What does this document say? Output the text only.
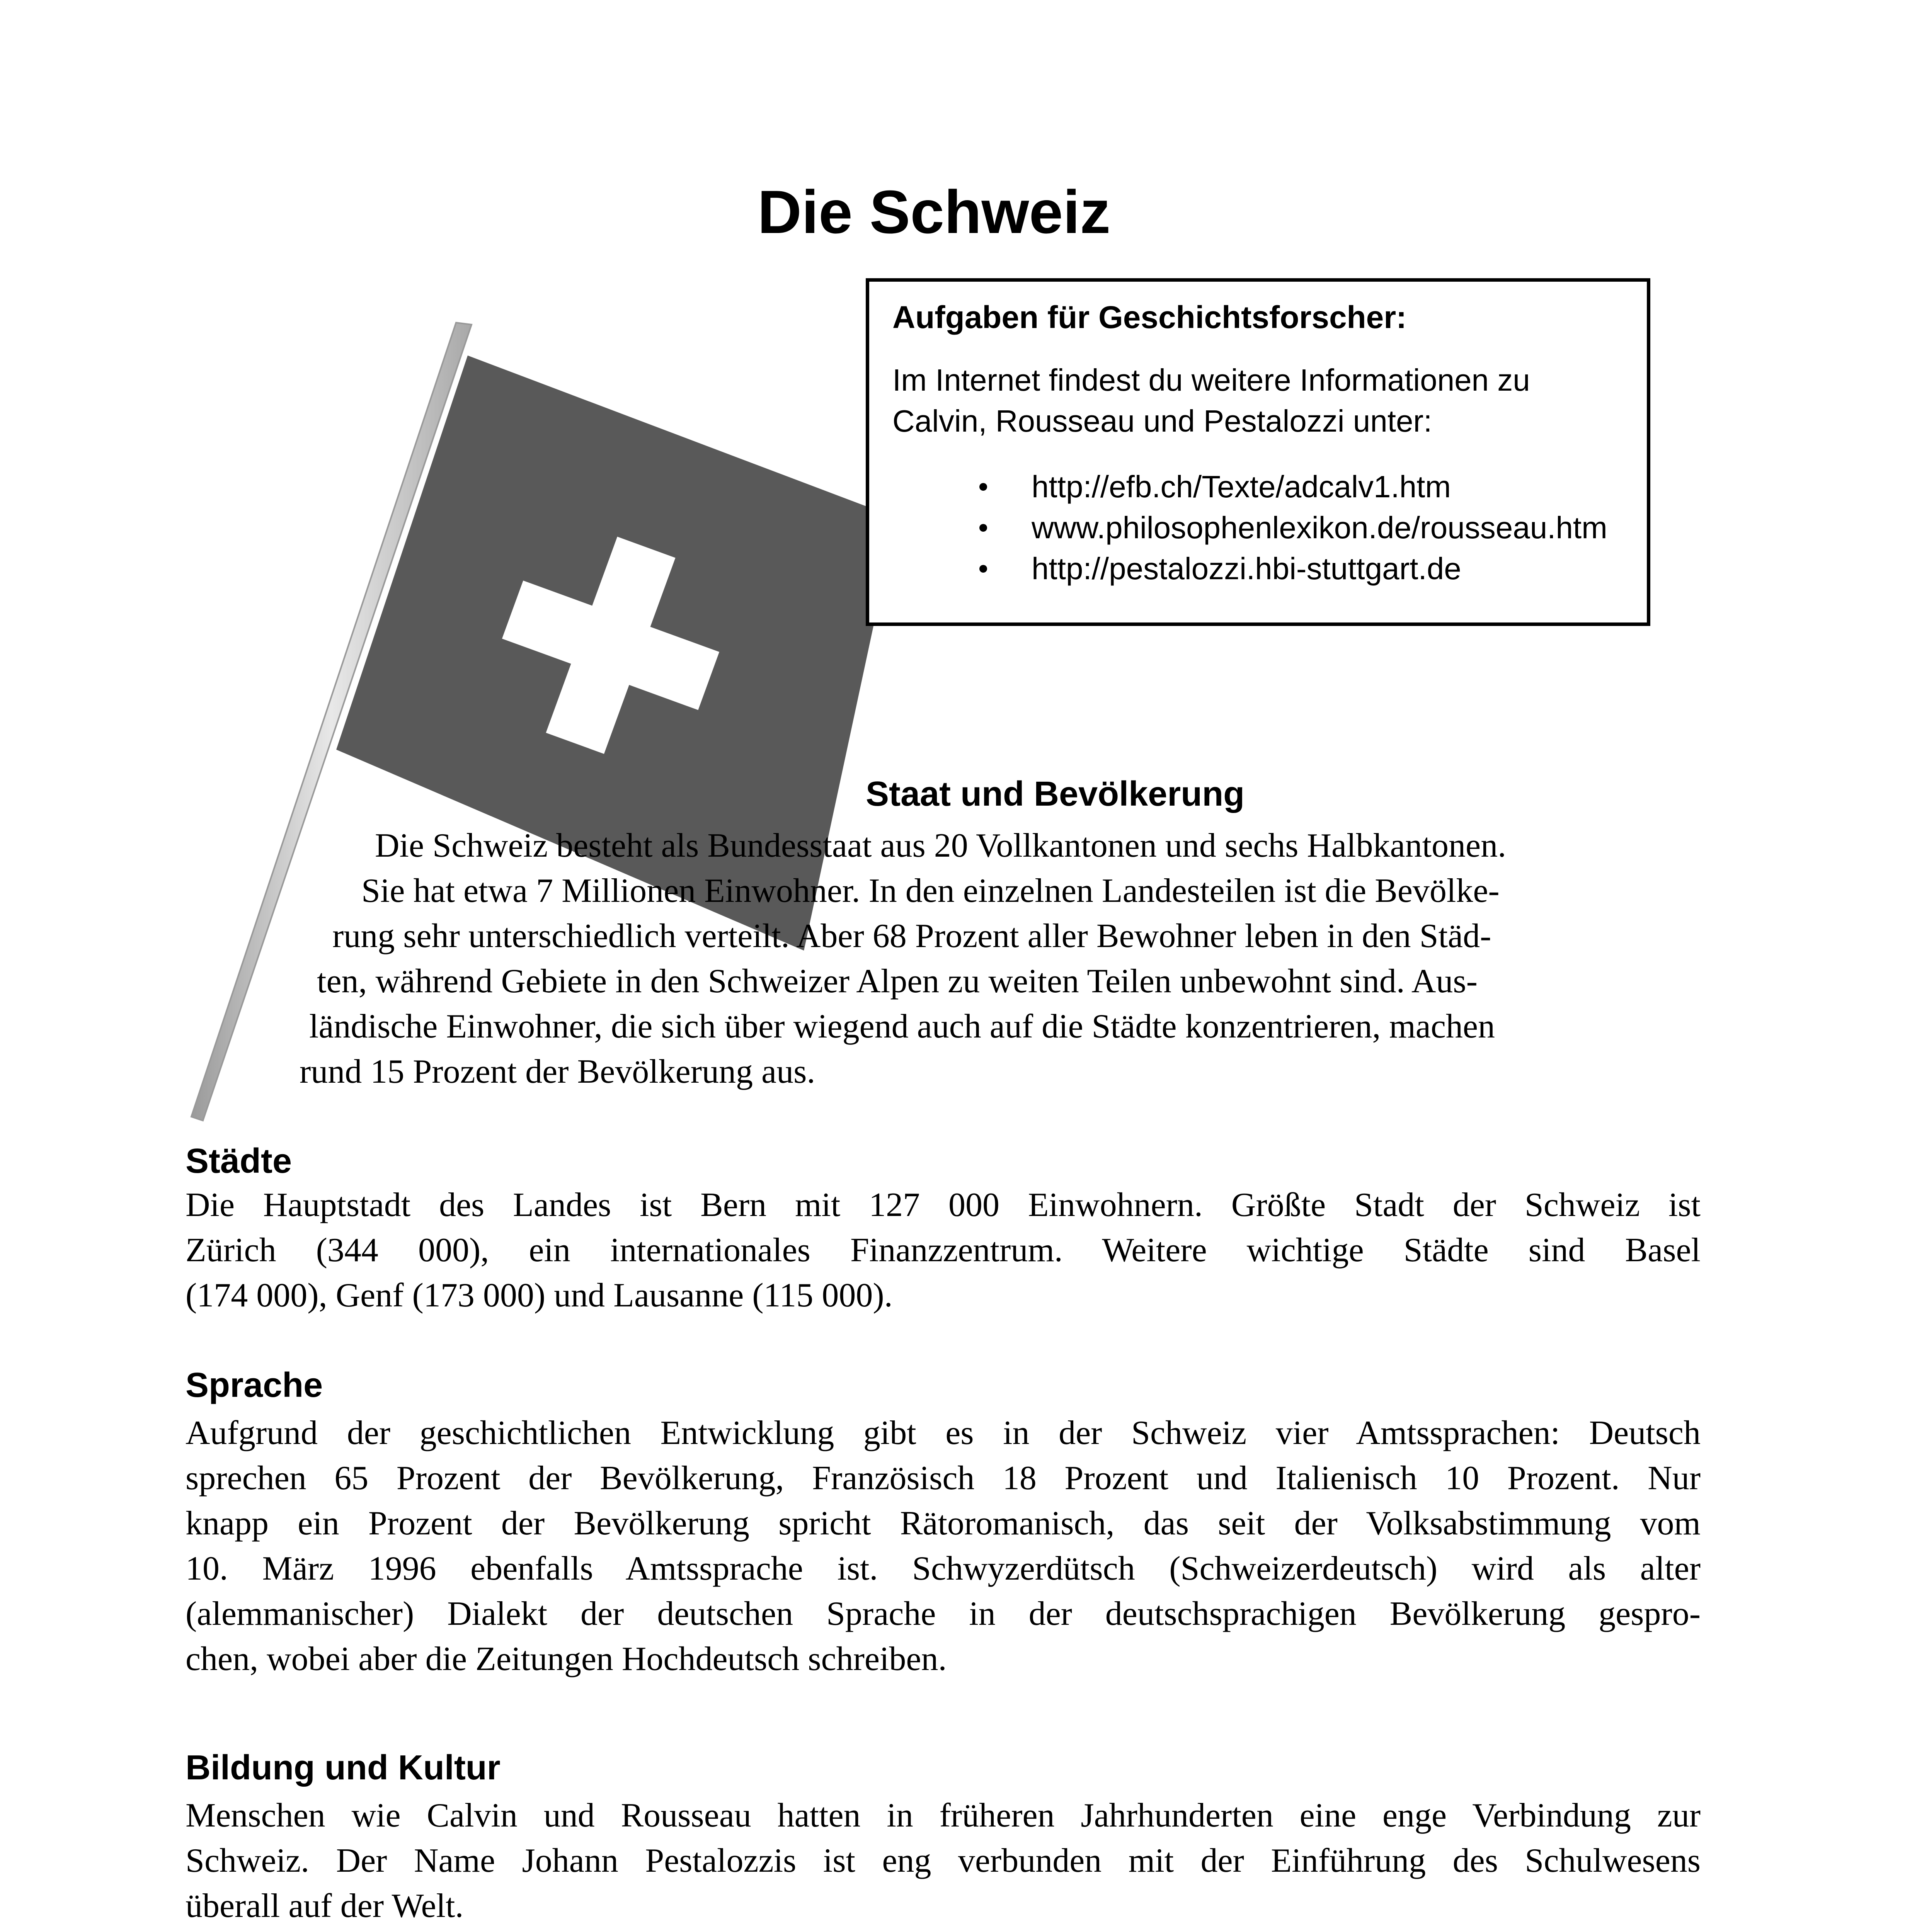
Die Schweiz

Aufgaben für Geschichtsforscher:

Im Internet findest du weitere Informationen zu
Calvin, Rousseau und Pestalozzi unter:

http://efb.ch/Texte/adcalv1.htm
www.philosophenlexikon.de/rousseau.htm
http://pestalozzi.hbi-stuttgart.de
Staat und Bevölkerung
Die Schweiz besteht als Bundesstaat aus 20 Vollkantonen und sechs Halbkantonen.
Sie hat etwa 7 Millionen Einwohner. In den einzelnen Landesteilen ist die Bevölke-
rung sehr unterschiedlich verteilt. Aber 68 Prozent aller Bewohner leben in den Städ-
ten, während Gebiete in den Schweizer Alpen zu weiten Teilen unbewohnt sind. Aus-
ländische Einwohner, die sich über wiegend auch auf die Städte konzentrieren, machen
rund 15 Prozent der Bevölkerung aus.
Städte

Die Hauptstadt des Landes ist Bern mit 127 000 Einwohnern. Größte Stadt der Schweiz ist
Zürich (344 000), ein internationales Finanzzentrum. Weitere wichtige Städte sind Basel
(174 000), Genf (173 000) und Lausanne (115 000).

Sprache

Aufgrund der geschichtlichen Entwicklung gibt es in der Schweiz vier Amtssprachen: Deutsch
sprechen 65 Prozent der Bevölkerung, Französisch 18 Prozent und Italienisch 10 Prozent. Nur
knapp ein Prozent der Bevölkerung spricht Rätoromanisch, das seit der Volksabstimmung vom
10. März 1996 ebenfalls Amtssprache ist. Schwyzerdütsch (Schweizerdeutsch) wird als alter
(alemmanischer) Dialekt der deutschen Sprache in der deutschsprachigen Bevölkerung gespro-
chen, wobei aber die Zeitungen Hochdeutsch schreiben.

Bildung und Kultur

Menschen wie Calvin und Rousseau hatten in früheren Jahrhunderten eine enge Verbindung zur
Schweiz. Der Name Johann Pestalozzis ist eng verbunden mit der Einführung des Schulwesens
überall auf der Welt.
